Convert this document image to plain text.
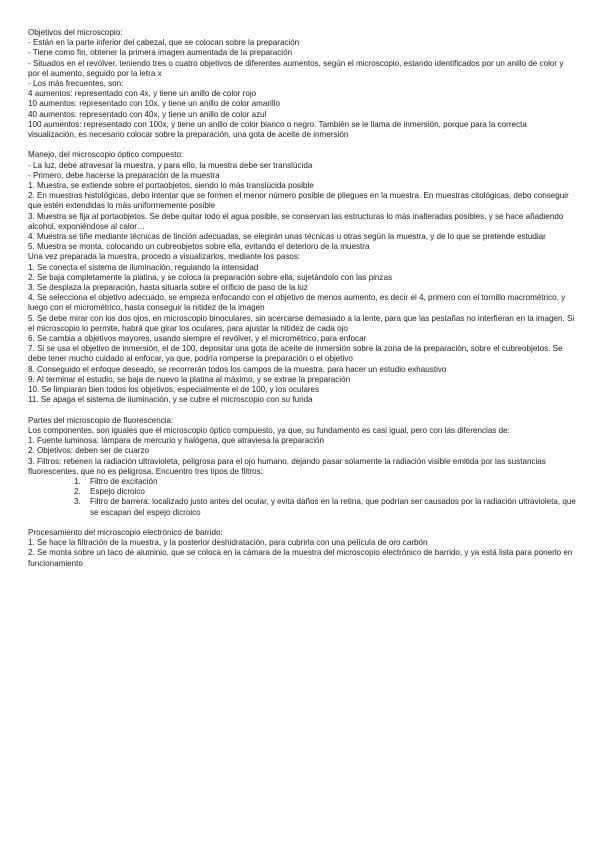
Objetivos del microscopio:

- Están en la parte inferior del cabezal, que se colocan sobre la preparación

- Tiene como fin, obtener la primera imagen aumentada de la preparación

- Situados en el revólver, teniendo tres o cuatro objetivos de diferentes aumentos, según el microscopio, estando identificados por un anillo de color y por el aumento, seguido por la letra x

- Los más frecuentes, son:

4 aumentos: representado con 4x, y tiene un anillo de color rojo

10 aumentos: representado con 10x, y tiene un anillo de color amarillo

40 aumentos: representado con 40x, y tiene un anillo de color azul

100 aumentos: representado con 100x, y tiene un anillo de color blanco o negro. También se le llama de inmersión, porque para la correcta visualización, es necesario colocar sobre la preparación, una gota de aceite de inmersión

Manejo, del microscopio óptico compuesto:

- La luz, debe atravesar la muestra, y para ello, la muestra debe ser translúcida

- Primero, debe hacerse la preparación de la muestra

1. Muestra, se extiende sobre el portaobjetos, siendo lo más translúcida posible

2. En muestras histológicas, debo intentar que se formen el menor número posible de pliegues en la muestra. En muestras citológicas, debo conseguir que estén extendidas lo más uniformemente posible

3. Muestra se fija al portaobjetos. Se debe quitar todo el agua posible, se conservan las estructuras lo más inalteradas posibles, y se hace añadiendo alcohol, exponiéndose al calor…

4. Muestra se tiñe mediante técnicas de tinción adecuadas, se elegirán unas técnicas u otras según la muestra, y de lo que se pretende estudiar

5. Muestra se monta, colocando un cubreobjetos sobre ella, evitando el deterioro de la muestra

Una vez preparada la muestra, procedo a visualizarlos, mediante los pasos:

1. Se conecta el sistema de iluminación, regulando la intensidad

2. Se baja completamente la platina, y se coloca la preparación sobre ella, sujetándolo con las pinzas

3. Se desplaza la preparación, hasta situarla sobre el orificio de paso de la luz

4. Se selecciona el objetivo adecuado, se empieza enfocando con el objetivo de menos aumento, es decir el 4, primero con el tornillo macrométrico, y luego con el micrométrico, hasta conseguir la nitidez de la imagen

5. Se debe mirar con los dos ojos, en microscopio binoculares, sin acercarse demasiado a la lente, para que las pestañas no interfieran en la imagen. Si el microscopio lo permite, habrá que girar los oculares, para ajustar la nitidez de cada ojo

6. Se cambia a objetivos mayores, usando siempre el revólver, y el micrométrico, para enfocar

7. Si se usa el objetivo de inmersión, el de 100, depositar una gota de aceite de inmersión sobre la zona de la preparación, sobre el cubreobjetos. Se debe tener mucho cuidado al enfocar, ya que, podría romperse la preparación o el objetivo

8. Conseguido el enfoque deseado, se recorrerán todos los campos de la muestra, para hacer un estudio exhaustivo

9. Al terminar el estudio, se baja de nuevo la platina al máximo, y se extrae la preparación

10. Se limpiarán bien todos los objetivos, especialmente el de 100, y los oculares

11. Se apaga el sistema de iluminación, y se cubre el microscopio con su funda

Partes del microscopio de fluorescencia:

Los componentes, son iguales que el microscopio óptico compuesto, ya que, su fundamento es casi igual, pero con las diferencias de:

1. Fuente luminosa: lámpara de mercurio y halógena, que atraviesa la preparación

2. Objetivos: deben ser de cuarzo

3. Filtros: retienen la radiación ultravioleta, peligrosa para el ojo humano, dejando pasar solamente la radiación visible emitida por las sustancias fluorescentes, que no es peligrosa. Encuentro tres tipos de filtros:

1. Filtro de excitación
2. Espejo dicroico
3. Filtro de barrera: localizado justo antes del ocular, y evita daños en la retina, que podrían ser causados por la radiación ultravioleta, que se escapan del espejo dicroico

Procesamiento del microscopio electrónico de barrido:

1. Se hace la filtración de la muestra, y la posterior deshidratación, para cubrirla con una película de oro carbón

2. Se monta sobre un taco de aluminio, que se coloca en la cámara de la muestra del microscopio electrónico de barrido, y ya está lista para ponerlo en funcionamiento
